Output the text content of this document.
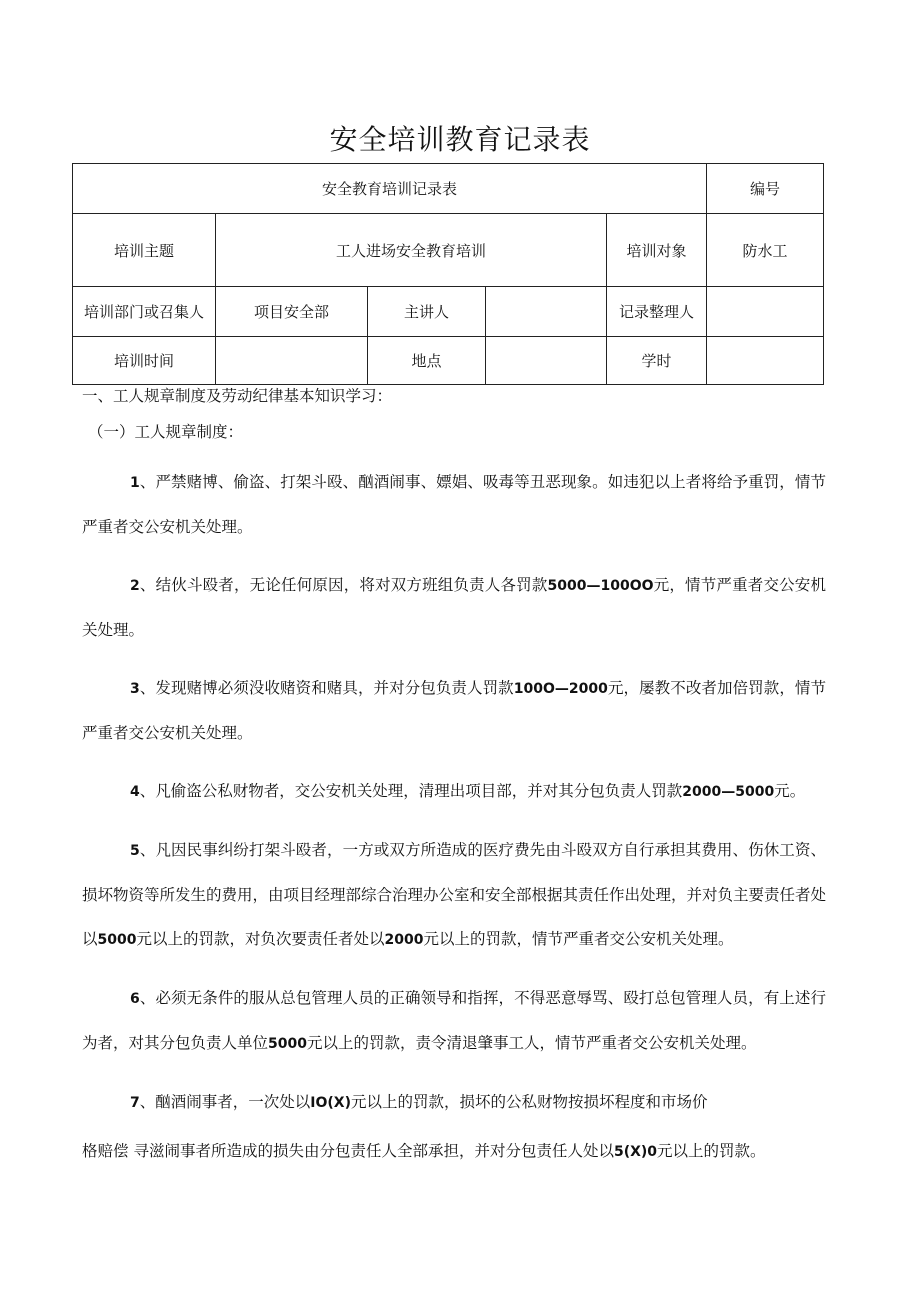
安全培训教育记录表
安全教育培训记录表					编号
培训主题	工人进场安全教育培训			培训对象	防水工
培训部门或召集人	项目安全部	主讲人		记录整理人	
培训时间		地点		学时	

一、工人规章制度及劳动纪律基本知识学习：

（一）工人规章制度：

1、严禁赌博、偷盗、打架斗殴、酗酒闹事、嫖娼、吸毒等丑恶现象。如违犯以上者将给予重罚，情节严重者交公安机关处理。

2、结伙斗殴者，无论任何原因，将对双方班组负责人各罚款5000—100OO元，情节严重者交公安机关处理。

3、发现赌博必须没收赌资和赌具，并对分包负责人罚款100O—2000元，屡教不改者加倍罚款，情节严重者交公安机关处理。

4、凡偷盗公私财物者，交公安机关处理，清理出项目部，并对其分包负责人罚款2000—5000元。

5、凡因民事纠纷打架斗殴者，一方或双方所造成的医疗费先由斗殴双方自行承担其费用、伤休工资、损坏物资等所发生的费用，由项目经理部综合治理办公室和安全部根据其责任作出处理，并对负主要责任者处以5000元以上的罚款，对负次要责任者处以2000元以上的罚款，情节严重者交公安机关处理。

6、必须无条件的服从总包管理人员的正确领导和指挥，不得恶意辱骂、殴打总包管理人员，有上述行为者，对其分包负责人单位5000元以上的罚款，责令清退肇事工人，情节严重者交公安机关处理。

7、酗酒闹事者，一次处以IO(X)元以上的罚款，损坏的公私财物按损坏程度和市场价

格赔偿 寻滋闹事者所造成的损失由分包责任人全部承担，并对分包责任人处以5(X)0元以上的罚款。
